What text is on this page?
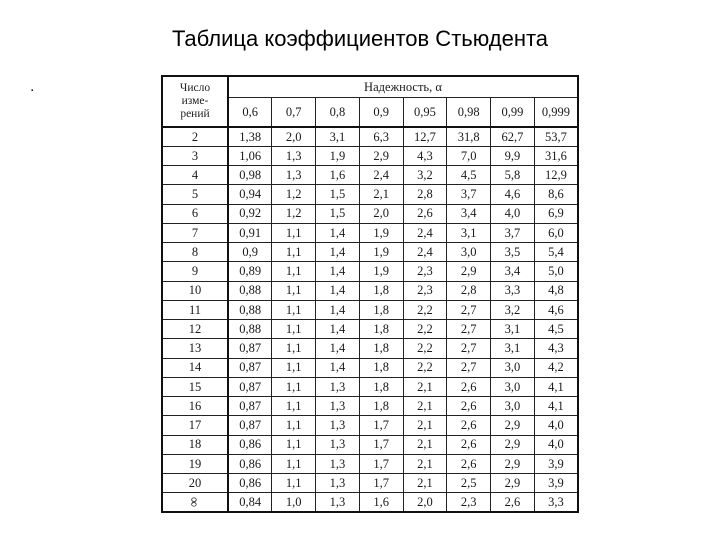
Таблица коэффициентов Стьюдента
.	Число
изме-
рений	Надежность, α							
	0,6	0,7	0,8	0,9	0,95	0,98	0,99	0,999
2	1,38	2,0	3,1	6,3	12,7	31,8	62,7	53,7
3	1,06	1,3	1,9	2,9	4,3	7,0	9,9	31,6
4	0,98	1,3	1,6	2,4	3,2	4,5	5,8	12,9
5	0,94	1,2	1,5	2,1	2,8	3,7	4,6	8,6
6	0,92	1,2	1,5	2,0	2,6	3,4	4,0	6,9
7	0,91	1,1	1,4	1,9	2,4	3,1	3,7	6,0
8	0,9	1,1	1,4	1,9	2,4	3,0	3,5	5,4
9	0,89	1,1	1,4	1,9	2,3	2,9	3,4	5,0
10	0,88	1,1	1,4	1,8	2,3	2,8	3,3	4,8
11	0,88	1,1	1,4	1,8	2,2	2,7	3,2	4,6
12	0,88	1,1	1,4	1,8	2,2	2,7	3,1	4,5
13	0,87	1,1	1,4	1,8	2,2	2,7	3,1	4,3
14	0,87	1,1	1,4	1,8	2,2	2,7	3,0	4,2
15	0,87	1,1	1,3	1,8	2,1	2,6	3,0	4,1
16	0,87	1,1	1,3	1,8	2,1	2,6	3,0	4,1
17	0,87	1,1	1,3	1,7	2,1	2,6	2,9	4,0
18	0,86	1,1	1,3	1,7	2,1	2,6	2,9	4,0
19	0,86	1,1	1,3	1,7	2,1	2,6	2,9	3,9
20	0,86	1,1	1,3	1,7	2,1	2,5	2,9	3,9
∞	0,84	1,0	1,3	1,6	2,0	2,3	2,6	3,3
